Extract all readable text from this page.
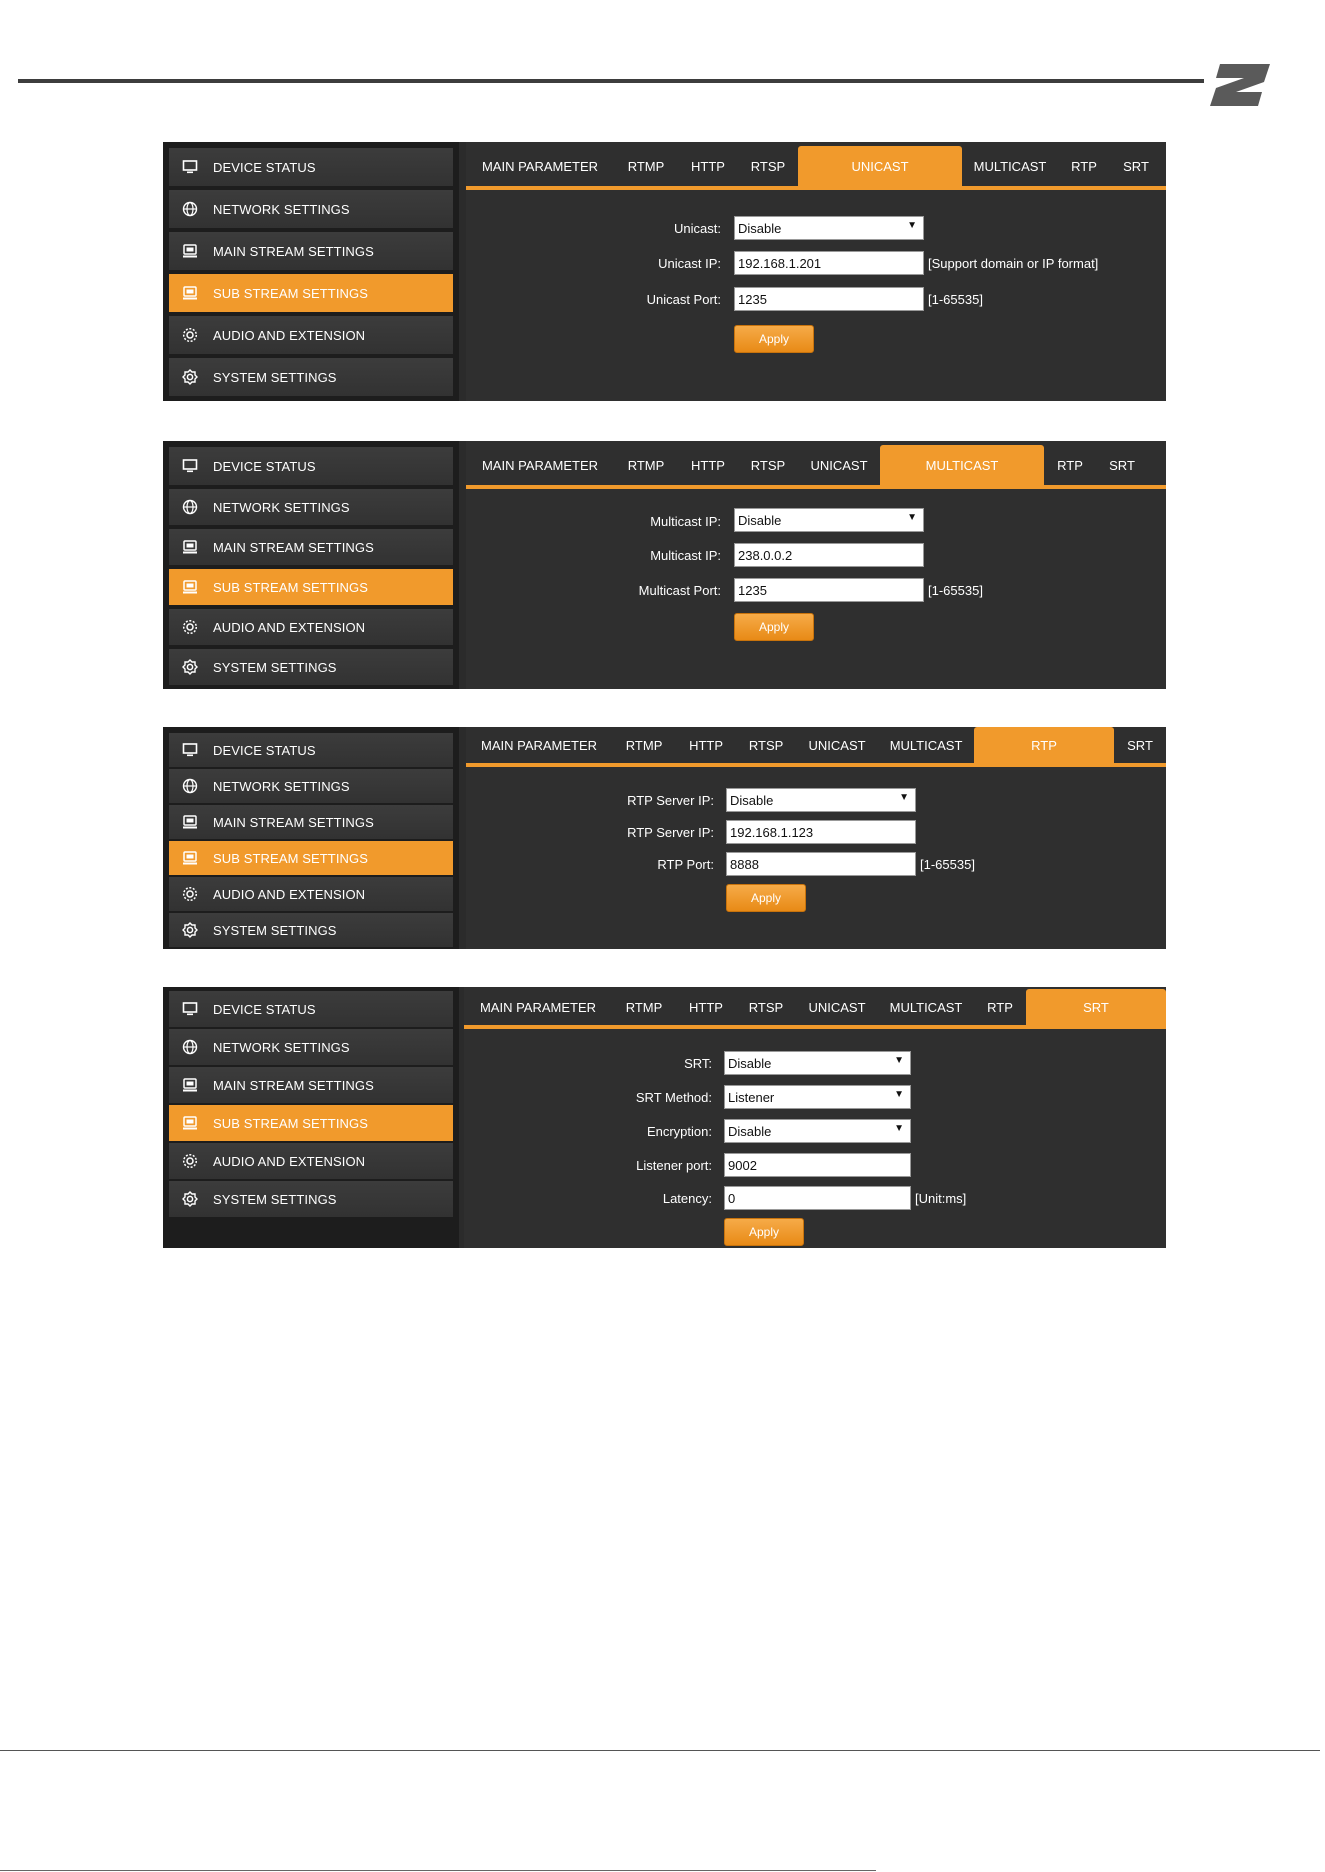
DEVICE STATUS
NETWORK SETTINGS
MAIN STREAM SETTINGS
SUB STREAM SETTINGS
AUDIO AND EXTENSION
SYSTEM SETTINGS
MAIN PARAMETER	RTMP	HTTP	RTSP	UNICAST	MULTICAST	RTP	SRT
Unicast: Disable	▼
Unicast IP:	192.168.1.201	[Support domain or IP format]
Unicast Port:	1235	[1-65535]
Apply
DEVICE STATUS
NETWORK SETTINGS
MAIN STREAM SETTINGS
SUB STREAM SETTINGS
AUDIO AND EXTENSION
SYSTEM SETTINGS
MAIN PARAMETER	RTMP	HTTP	RTSP	UNICAST	MULTICAST	RTP	SRT
Multicast IP: Disable	▼
Multicast IP:	238.0.0.2
Multicast Port:	1235	[1-65535]
Apply
DEVICE STATUS
NETWORK SETTINGS
MAIN STREAM SETTINGS
SUB STREAM SETTINGS
AUDIO AND EXTENSION
SYSTEM SETTINGS
MAIN PARAMETER	RTMP	HTTP	RTSP	UNICAST	MULTICAST	RTP	SRT
RTP Server IP: Disable	▼
RTP Server IP:	192.168.1.123
RTP Port:	8888	[1-65535]
Apply
DEVICE STATUS
NETWORK SETTINGS
MAIN STREAM SETTINGS
SUB STREAM SETTINGS
AUDIO AND EXTENSION
SYSTEM SETTINGS
MAIN PARAMETER	RTMP	HTTP	RTSP	UNICAST	MULTICAST	RTP	SRT
SRT: Disable	▼
SRT Method: Listener	▼
Encryption: Disable	▼
Listener port:	9002
Latency:	0	[Unit:ms]
Apply
